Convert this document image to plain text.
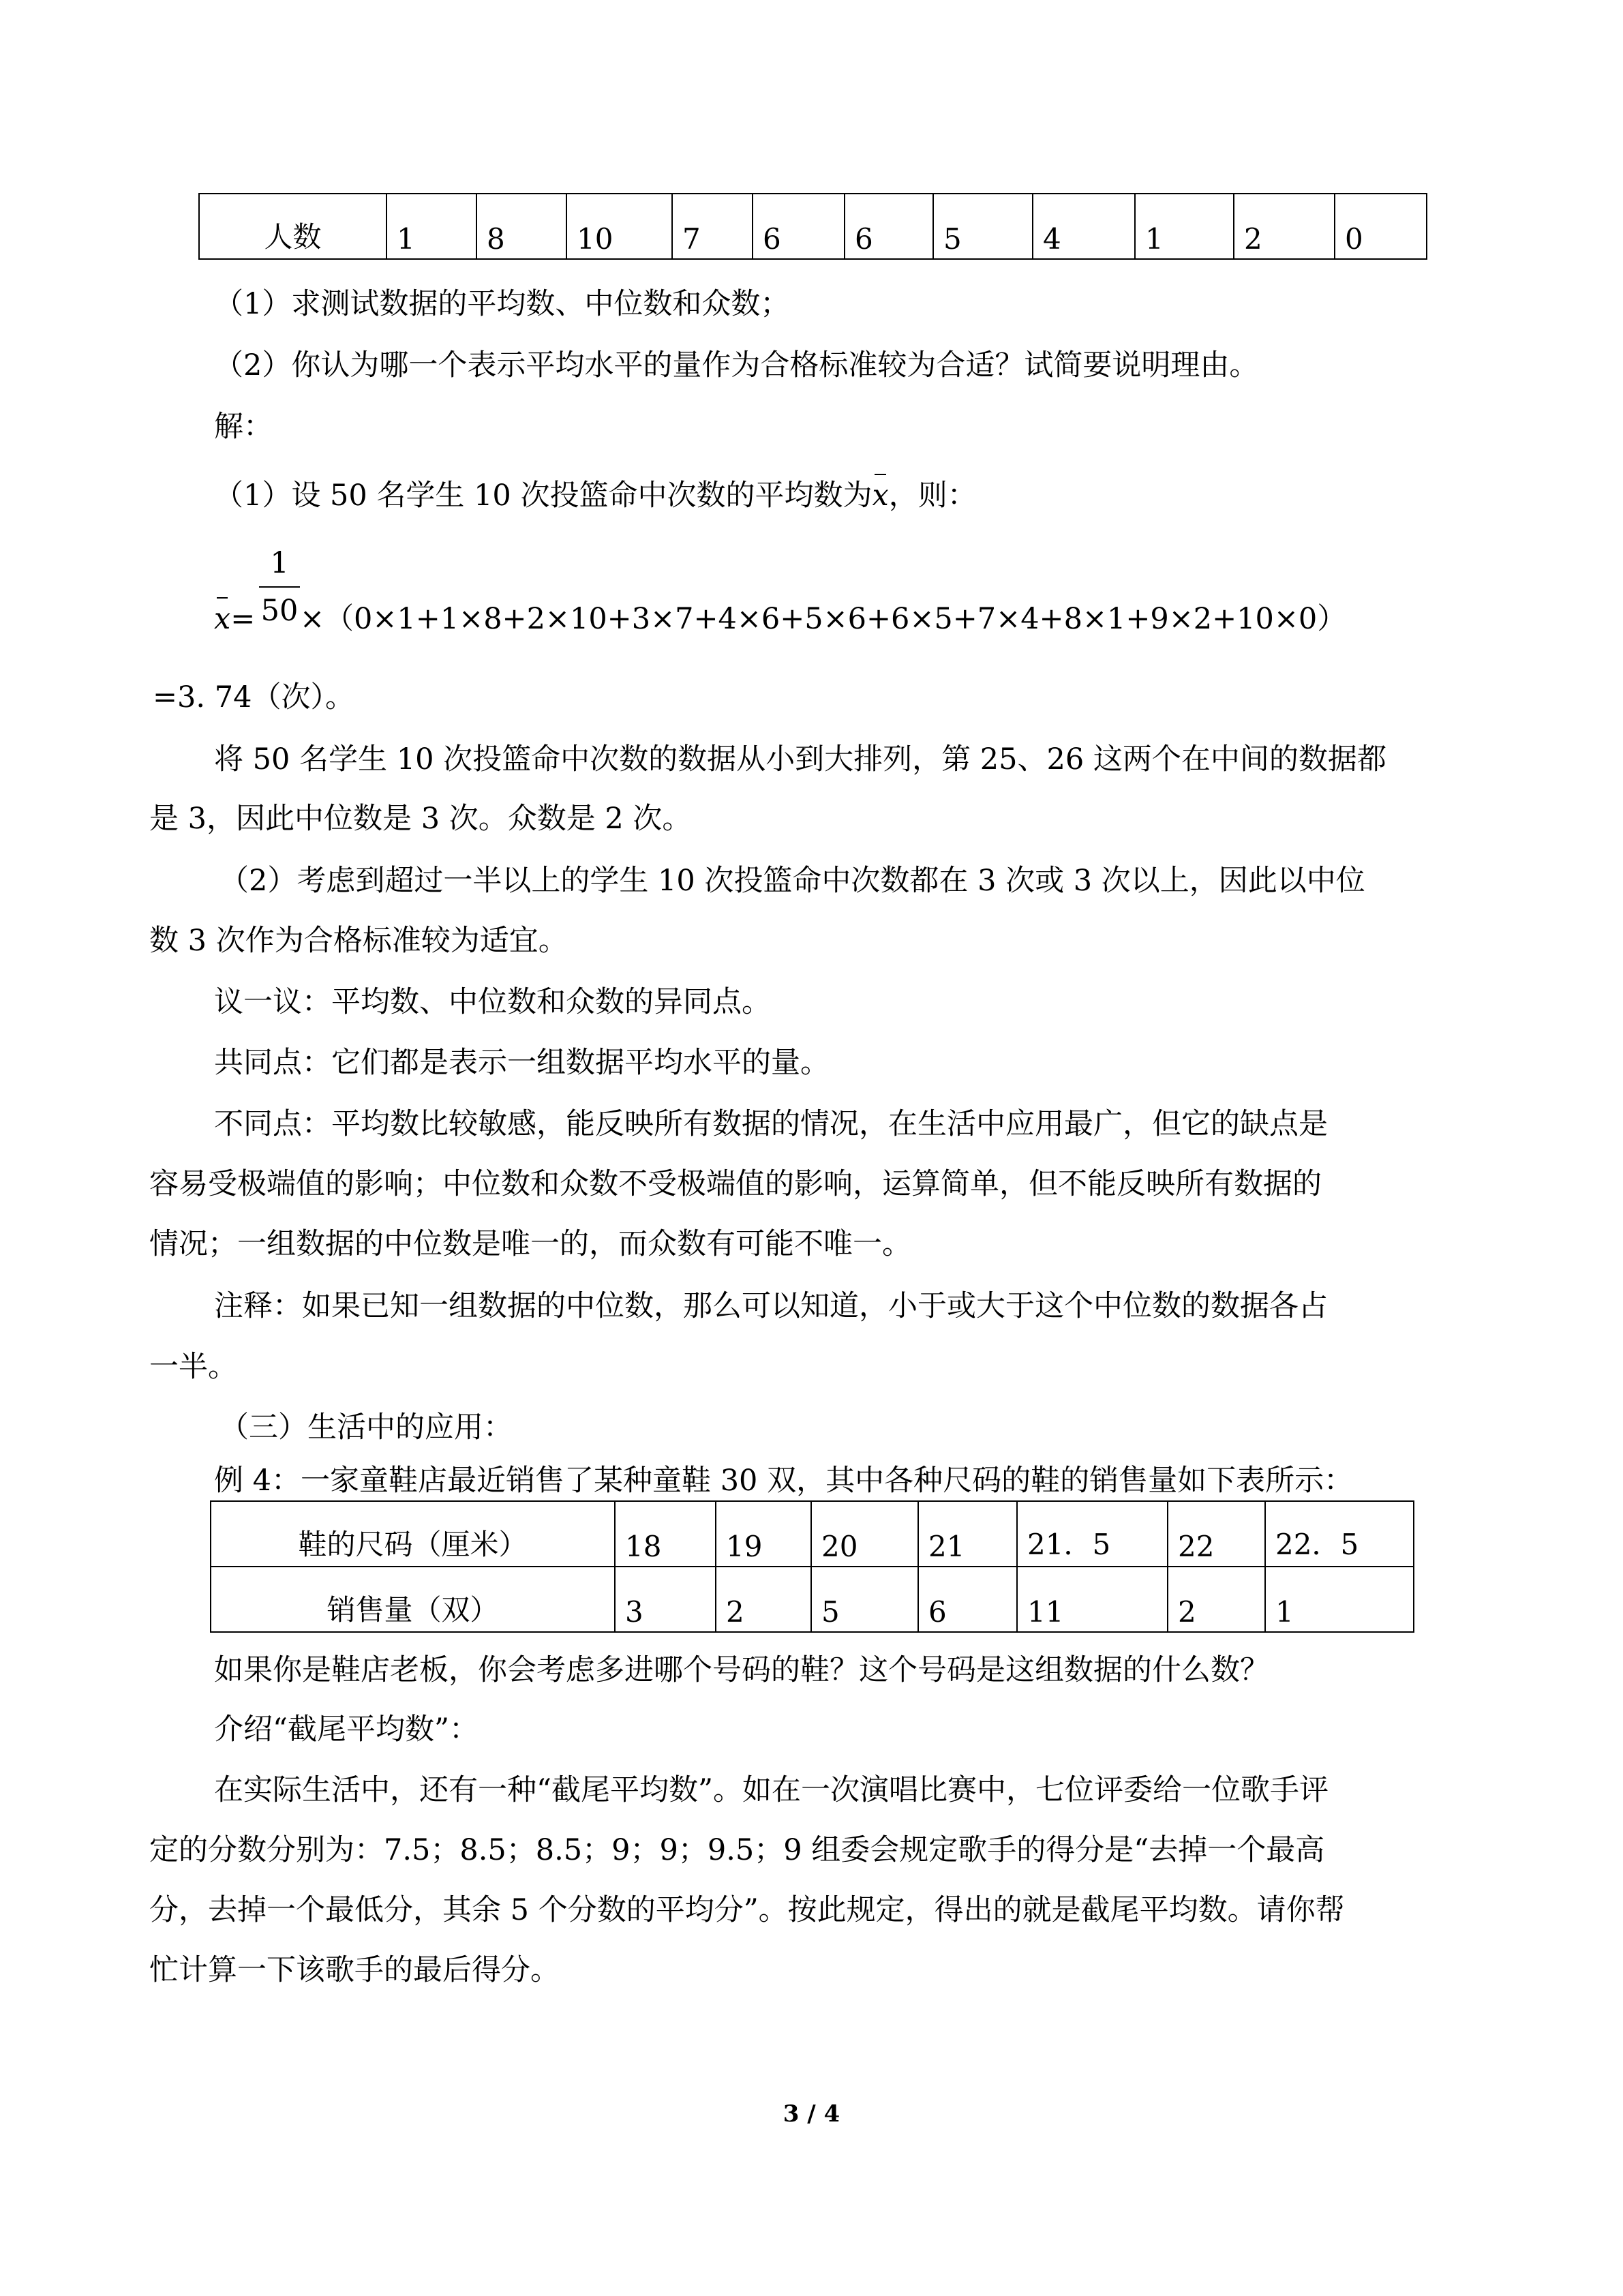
人数	1	8	10	7	6	6	5	4	1	2	0
（1）求测试数据的平均数、中位数和众数；
（2）你认为哪一个表示平均水平的量作为合格标准较为合适？试简要说明理由。
解：
（1）设 50 名学生 10 次投篮命中次数的平均数为x，则：
x=
1
50 ×（0×1+1×8+2×10+3×7+4×6+5×6+6×5+7×4+8×1+9×2+10×0）
=3. 74（次）。
将 50 名学生 10 次投篮命中次数的数据从小到大排列，第 25、26 这两个在中间的数据都
是 3，因此中位数是 3 次。众数是 2 次。
（2）考虑到超过一半以上的学生 10 次投篮命中次数都在 3 次或 3 次以上，因此以中位
数 3 次作为合格标准较为适宜。
议一议：平均数、中位数和众数的异同点。
共同点：它们都是表示一组数据平均水平的量。
不同点：平均数比较敏感，能反映所有数据的情况，在生活中应用最广，但它的缺点是
容易受极端值的影响；中位数和众数不受极端值的影响，运算简单，但不能反映所有数据的
情况；一组数据的中位数是唯一的，而众数有可能不唯一。
注释：如果已知一组数据的中位数，那么可以知道，小于或大于这个中位数的数据各占
一半。
（三）生活中的应用：
例 4：一家童鞋店最近销售了某种童鞋 30 双，其中各种尺码的鞋的销售量如下表所示：
鞋的尺码（厘米）	18	19	20	21	21．5	22	22．5
销售量（双）	3	2	5	6	11	2	1
如果你是鞋店老板，你会考虑多进哪个号码的鞋？这个号码是这组数据的什么数？
介绍“截尾平均数”：
在实际生活中，还有一种“截尾平均数”。如在一次演唱比赛中，七位评委给一位歌手评
定的分数分别为：7.5；8.5；8.5；9；9；9.5；9 组委会规定歌手的得分是“去掉一个最高
分，去掉一个最低分，其余 5 个分数的平均分”。按此规定，得出的就是截尾平均数。请你帮
忙计算一下该歌手的最后得分。
3 / 4
